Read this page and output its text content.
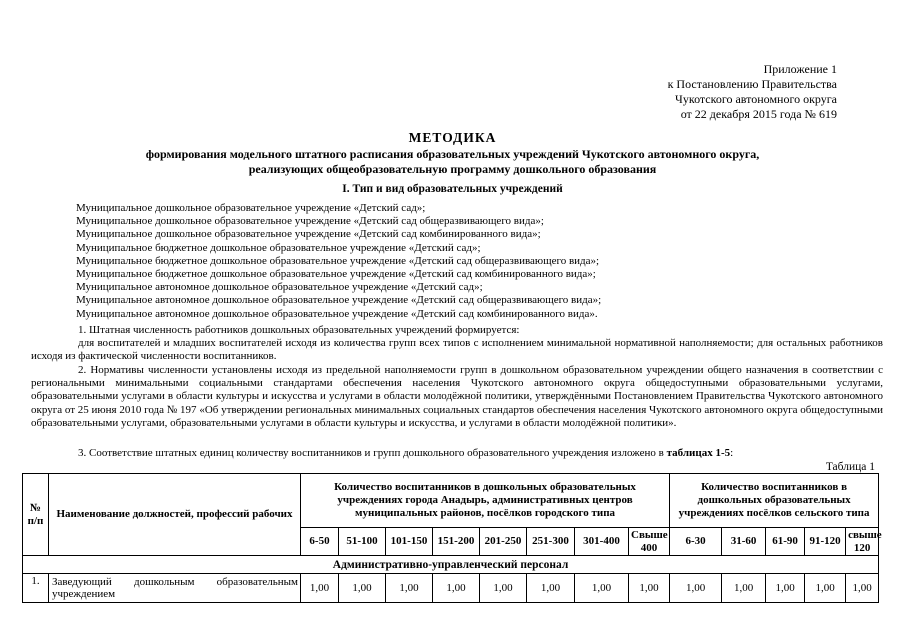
Приложение 1
к Постановлению Правительства
Чукотского автономного округа
от 22 декабря 2015 года № 619
МЕТОДИКА
формирования модельного штатного расписания образовательных учреждений Чукотского автономного округа,
реализующих общеобразовательную программу дошкольного образования
I. Тип и вид образовательных учреждений
Муниципальное дошкольное образовательное учреждение «Детский сад»;
Муниципальное дошкольное образовательное учреждение «Детский сад общеразвивающего вида»;
Муниципальное дошкольное образовательное учреждение «Детский сад комбинированного вида»;
Муниципальное бюджетное дошкольное образовательное учреждение «Детский сад»;
Муниципальное бюджетное дошкольное образовательное учреждение «Детский сад общеразвивающего вида»;
Муниципальное бюджетное дошкольное образовательное учреждение «Детский сад комбинированного вида»;
Муниципальное автономное дошкольное образовательное учреждение «Детский сад»;
Муниципальное автономное дошкольное образовательное учреждение «Детский сад общеразвивающего вида»;
Муниципальное автономное дошкольное образовательное учреждение «Детский сад комбинированного вида».
1. Штатная численность работников дошкольных образовательных учреждений формируется:
для воспитателей и младших воспитателей исходя из количества групп всех типов с исполнением минимальной нормативной наполняемости; для остальных работников исходя из фактической численности воспитанников.
2. Нормативы численности установлены исходя из предельной наполняемости групп в дошкольном образовательном учреждении общего назначения в соответствии с региональными минимальными социальными стандартами обеспечения населения Чукотского автономного округа общедоступными образовательными услугами, образовательными услугами в области культуры и искусства и услугами в области молодёжной политики, утверждёнными Постановлением Правительства Чукотского автономного округа от 25 июня 2010 года № 197 «Об утверждении региональных минимальных социальных стандартов обеспечения населения Чукотского автономного округа общедоступными образовательными услугами, образовательными услугами в области культуры и искусства, и услугами в области молодёжной политики».
3. Соответствие штатных единиц количеству воспитанников и групп дошкольного образовательного учреждения изложено в таблицах 1-5:
Таблица 1
№ п/п	Наименование должностей, профессий рабочих	Количество воспитанников в дошкольных образовательных учреждениях города Анадырь, административных центров муниципальных районов, посёлков городского типа								Количество воспитанников в дошкольных образовательных учреждениях посёлков сельского типа				
		6-50	51-100	101-150	151-200	201-250	251-300	301-400	Свыше 400	6-30	31-60	61-90	91-120	свыше 120
Административно-управленческий персонал														
1.	Заведующий дошкольным образовательным учреждением	1,00	1,00	1,00	1,00	1,00	1,00	1,00	1,00	1,00	1,00	1,00	1,00	1,00
